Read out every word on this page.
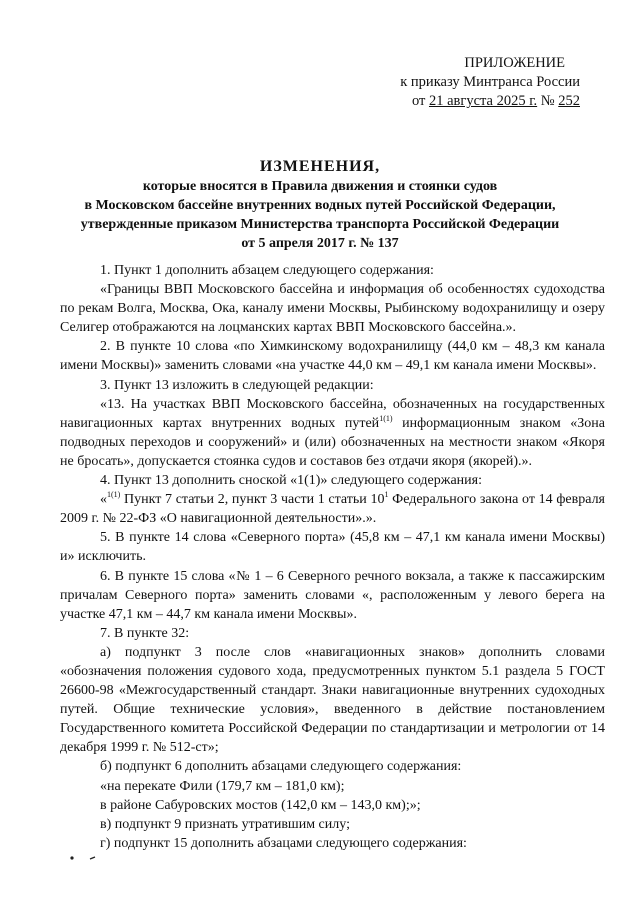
ПРИЛОЖЕНИЕ
к приказу Минтранса России
от 21 августа 2025 г. № 252
ИЗМЕНЕНИЯ,
которые вносятся в Правила движения и стоянки судов
в Московском бассейне внутренних водных путей Российской Федерации,
утвержденные приказом Министерства транспорта Российской Федерации
от 5 апреля 2017 г. № 137

1. Пункт 1 дополнить абзацем следующего содержания:

«Границы ВВП Московского бассейна и информация об особенностях судоходства по рекам Волга, Москва, Ока, каналу имени Москвы, Рыбинскому водохранилищу и озеру Селигер отображаются на лоцманских картах ВВП Московского бассейна.».

2. В пункте 10 слова «по Химкинскому водохранилищу (44,0 км – 48,3 км канала имени Москвы)» заменить словами «на участке 44,0 км – 49,1 км канала имени Москвы».

3. Пункт 13 изложить в следующей редакции:

«13. На участках ВВП Московского бассейна, обозначенных на государственных навигационных картах внутренних водных путей$^{1(1)}$ информационным знаком «Зона подводных переходов и сооружений» и (или) обозначенных на местности знаком «Якоря не бросать», допускается стоянка судов и составов без отдачи якоря (якорей).».

4. Пункт 13 дополнить сноской «1(1)» следующего содержания:

«$^{1(1)}$ Пункт 7 статьи 2, пункт 3 части 1 статьи $10^1$ Федерального закона от 14 февраля 2009 г. № 22-ФЗ «О навигационной деятельности».».

5. В пункте 14 слова «Северного порта» (45,8 км – 47,1 км канала имени Москвы) и» исключить.

6. В пункте 15 слова «№ 1 – 6 Северного речного вокзала, а также к пассажирским причалам Северного порта» заменить словами «, расположенным у левого берега на участке 47,1 км – 44,7 км канала имени Москвы».

7. В пункте 32:

а) подпункт 3 после слов «навигационных знаков» дополнить словами «обозначения положения судового хода, предусмотренных пунктом 5.1 раздела 5 ГОСТ 26600-98 «Межгосударственный стандарт. Знаки навигационные внутренних судоходных путей. Общие технические условия», введенного в действие постановлением Государственного комитета Российской Федерации по стандартизации и метрологии от 14 декабря 1999 г. № 512-ст»;

б) подпункт 6 дополнить абзацами следующего содержания:

«на перекате Фили (179,7 км – 181,0 км);

в районе Сабуровских мостов (142,0 км – 143,0 км);»;

в) подпункт 9 признать утратившим силу;

г) подпункт 15 дополнить абзацами следующего содержания:
